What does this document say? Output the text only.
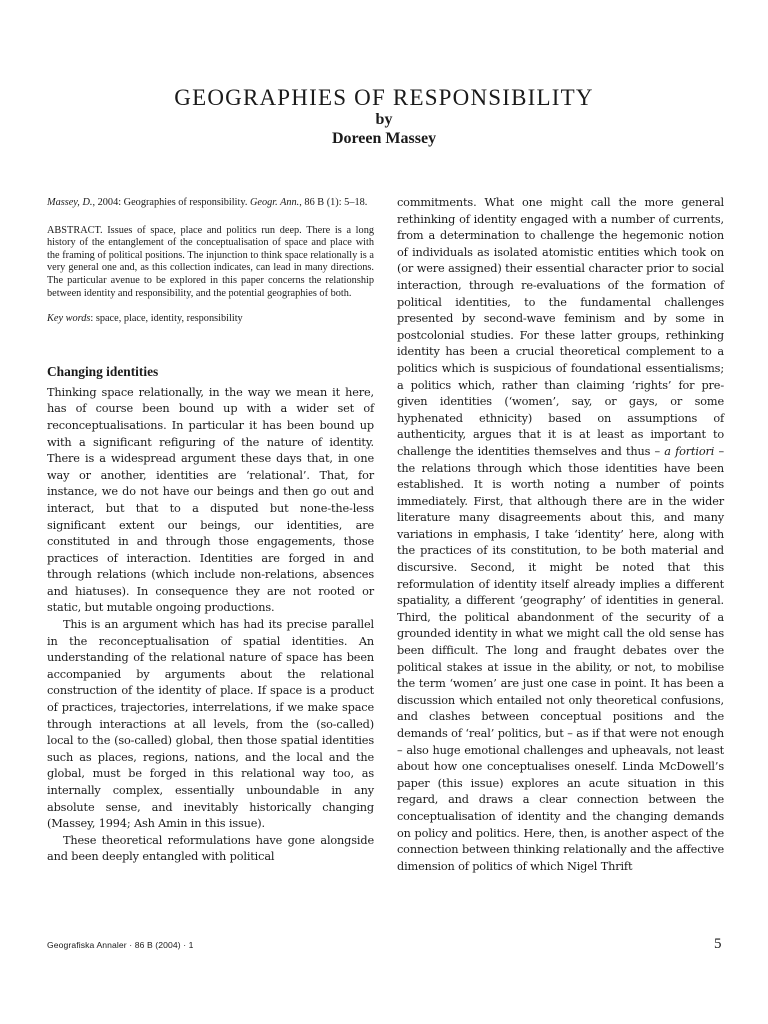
GEOGRAPHIES OF RESPONSIBILITY
by
Doreen Massey

Massey, D., 2004: Geographies of responsibility. Geogr. Ann., 86 B (1): 5–18.

ABSTRACT. Issues of space, place and politics run deep. There is a long history of the entanglement of the conceptualisation of space and place with the framing of political positions. The injunction to think space relationally is a very general one and, as this collection indicates, can lead in many directions. The particular avenue to be explored in this paper concerns the relationship between identity and responsibility, and the potential geographies of both.

Key words: space, place, identity, responsibility

Changing identities

Thinking space relationally, in the way we mean it here, has of course been bound up with a wider set of reconceptualisations. In particular it has been bound up with a significant refiguring of the nature of identity. There is a widespread argument these days that, in one way or another, identities are ‘relational’. That, for instance, we do not have our beings and then go out and interact, but that to a disputed but none-the-less significant extent our beings, our identities, are constituted in and through those engagements, those practices of interaction. Identities are forged in and through relations (which include non-relations, absences and hiatuses). In consequence they are not rooted or static, but mutable ongoing productions.

This is an argument which has had its precise parallel in the reconceptualisation of spatial identities. An understanding of the relational nature of space has been accompanied by arguments about the relational construction of the identity of place. If space is a product of practices, trajectories, interrelations, if we make space through interactions at all levels, from the (so-called) local to the (so-called) global, then those spatial identities such as places, regions, nations, and the local and the global, must be forged in this relational way too, as internally complex, essentially unboundable in any absolute sense, and inevitably historically changing (Massey, 1994; Ash Amin in this issue).

These theoretical reformulations have gone alongside and been deeply entangled with political

commitments. What one might call the more general rethinking of identity engaged with a number of currents, from a determination to challenge the hegemonic notion of individuals as isolated atomistic entities which took on (or were assigned) their essential character prior to social interaction, through re-evaluations of the formation of political identities, to the fundamental challenges presented by second-wave feminism and by some in postcolonial studies. For these latter groups, rethinking identity has been a crucial theoretical complement to a politics which is suspicious of foundational essentialisms; a politics which, rather than claiming ‘rights’ for pre-given identities (‘women’, say, or gays, or some hyphenated ethnicity) based on assumptions of authenticity, argues that it is at least as important to challenge the identities themselves and thus – a fortiori – the relations through which those identities have been established. It is worth noting a number of points immediately. First, that although there are in the wider literature many disagreements about this, and many variations in emphasis, I take ‘identity’ here, along with the practices of its constitution, to be both material and discursive. Second, it might be noted that this reformulation of identity itself already implies a different spatiality, a different ‘geography’ of identities in general. Third, the political abandonment of the security of a grounded identity in what we might call the old sense has been difficult. The long and fraught debates over the political stakes at issue in the ability, or not, to mobilise the term ‘women’ are just one case in point. It has been a discussion which entailed not only theoretical confusions, and clashes between conceptual positions and the demands of ‘real’ politics, but – as if that were not enough – also huge emotional challenges and upheavals, not least about how one conceptualises oneself. Linda McDowell’s paper (this issue) explores an acute situation in this regard, and draws a clear connection between the conceptualisation of identity and the changing demands on policy and politics. Here, then, is another aspect of the connection between thinking relationally and the affective dimension of politics of which Nigel Thrift

Geografiska Annaler · 86 B (2004) · 1	5
